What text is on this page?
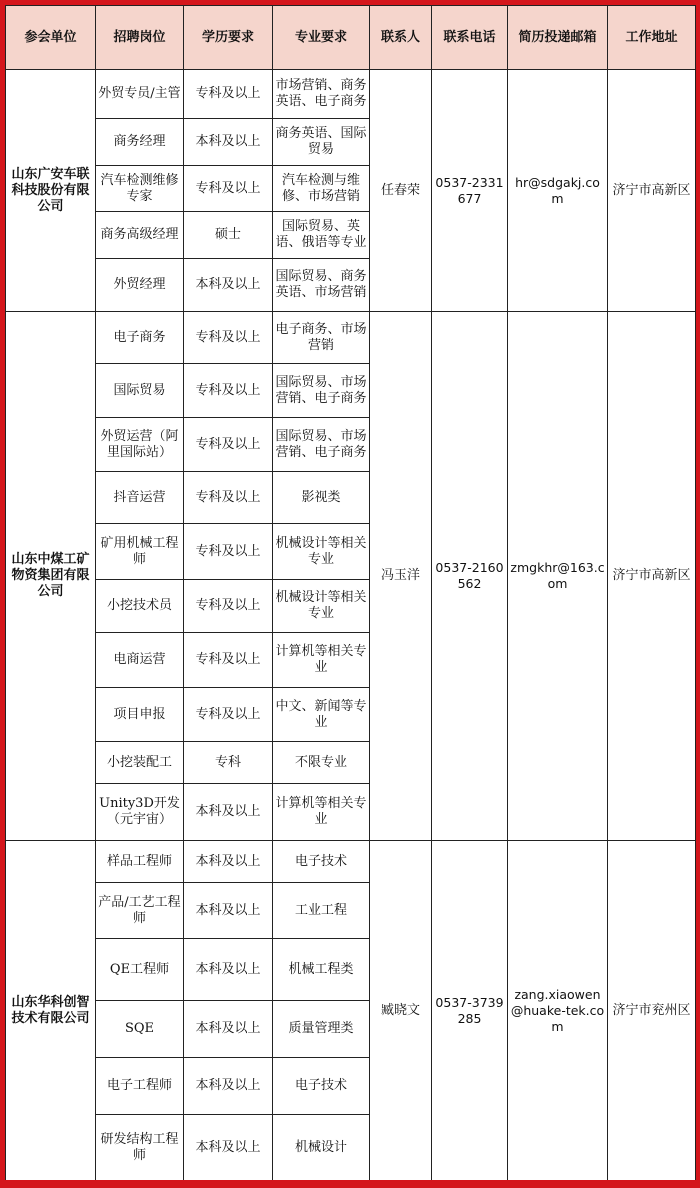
参会单位	招聘岗位	学历要求	专业要求	联系人	联系电话	简历投递邮箱	工作地址
山东广安车联科技股份有限公司	外贸专员/主管	专科及以上	市场营销、商务英语、电子商务	任春荣	0537-2331677	hr@sdgakj.com	济宁市高新区
	商务经理	本科及以上	商务英语、国际贸易				
	汽车检测维修专家	专科及以上	汽车检测与维修、市场营销				
	商务高级经理	硕士	国际贸易、英语、俄语等专业				
	外贸经理	本科及以上	国际贸易、商务英语、市场营销				
山东中煤工矿物资集团有限公司	电子商务	专科及以上	电子商务、市场营销	冯玉洋	0537-2160562	zmgkhr@163.com	济宁市高新区
	国际贸易	专科及以上	国际贸易、市场营销、电子商务				
	外贸运营（阿里国际站）	专科及以上	国际贸易、市场营销、电子商务				
	抖音运营	专科及以上	影视类				
	矿用机械工程师	专科及以上	机械设计等相关专业				
	小挖技术员	专科及以上	机械设计等相关专业				
	电商运营	专科及以上	计算机等相关专业				
	项目申报	专科及以上	中文、新闻等专业				
	小挖装配工	专科	不限专业				
	Unity3D开发（元宇宙）	本科及以上	计算机等相关专业				
山东华科创智技术有限公司	样品工程师	本科及以上	电子技术	臧晓文	0537-3739285	zang.xiaowen@huake-tek.com	济宁市兖州区
	产品/工艺工程师	本科及以上	工业工程				
	QE工程师	本科及以上	机械工程类				
	SQE	本科及以上	质量管理类				
	电子工程师	本科及以上	电子技术				
	研发结构工程师	本科及以上	机械设计				
